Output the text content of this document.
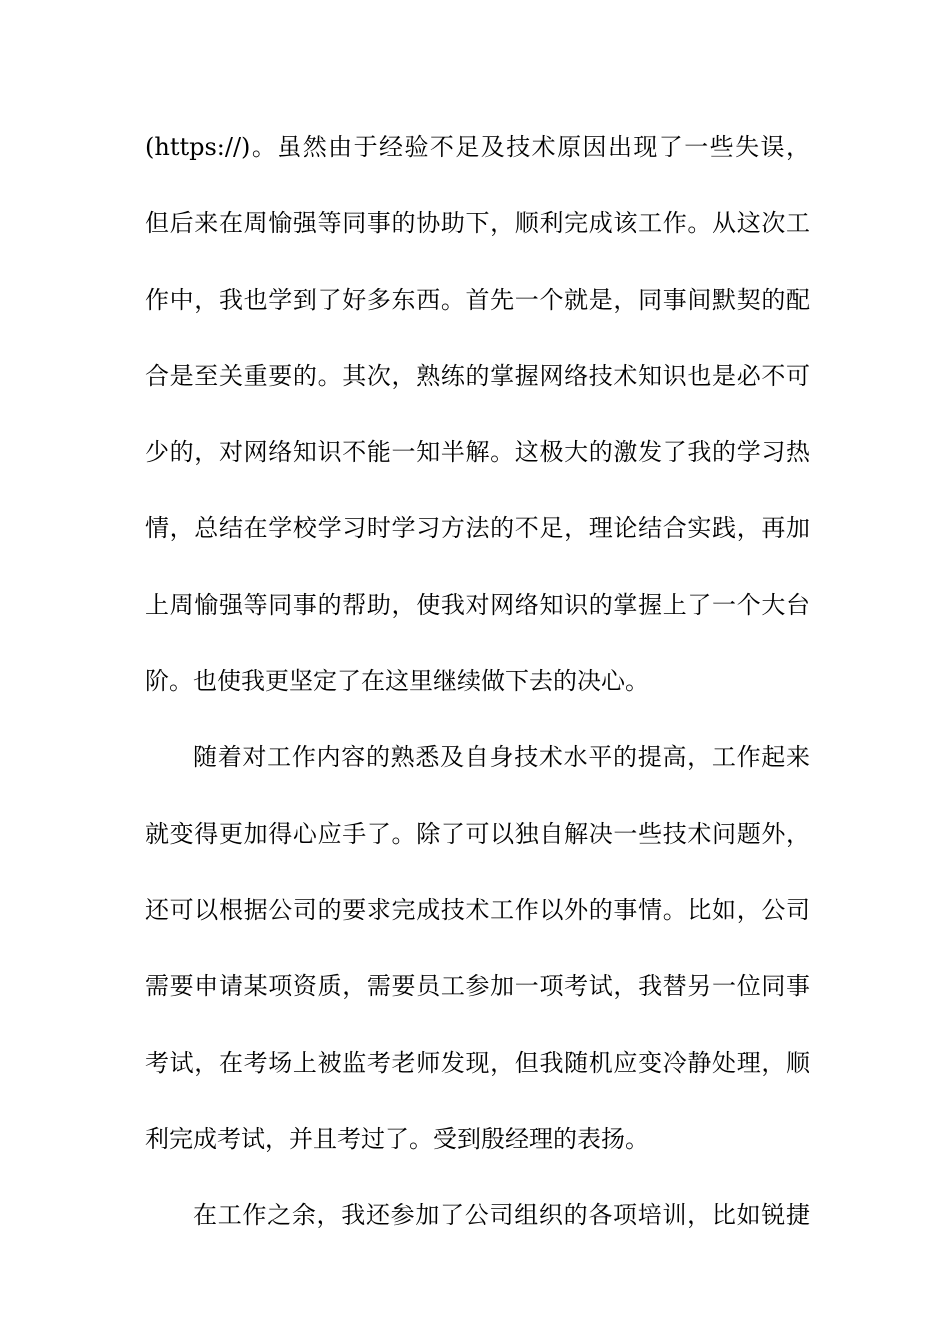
(https://)。虽然由于经验不足及技术原因出现了一些失误，
但后来在周愉强等同事的协助下，顺利完成该工作。从这次工
作中，我也学到了好多东西。首先一个就是，同事间默契的配
合是至关重要的。其次，熟练的掌握网络技术知识也是必不可
少的，对网络知识不能一知半解。这极大的激发了我的学习热
情，总结在学校学习时学习方法的不足，理论结合实践，再加
上周愉强等同事的帮助，使我对网络知识的掌握上了一个大台
阶。也使我更坚定了在这里继续做下去的决心。
随着对工作内容的熟悉及自身技术水平的提高，工作起来
就变得更加得心应手了。除了可以独自解决一些技术问题外，
还可以根据公司的要求完成技术工作以外的事情。比如，公司
需要申请某项资质，需要员工参加一项考试，我替另一位同事
考试，在考场上被监考老师发现，但我随机应变冷静处理，顺
利完成考试，并且考过了。受到殷经理的表扬。
在工作之余，我还参加了公司组织的各项培训，比如锐捷
